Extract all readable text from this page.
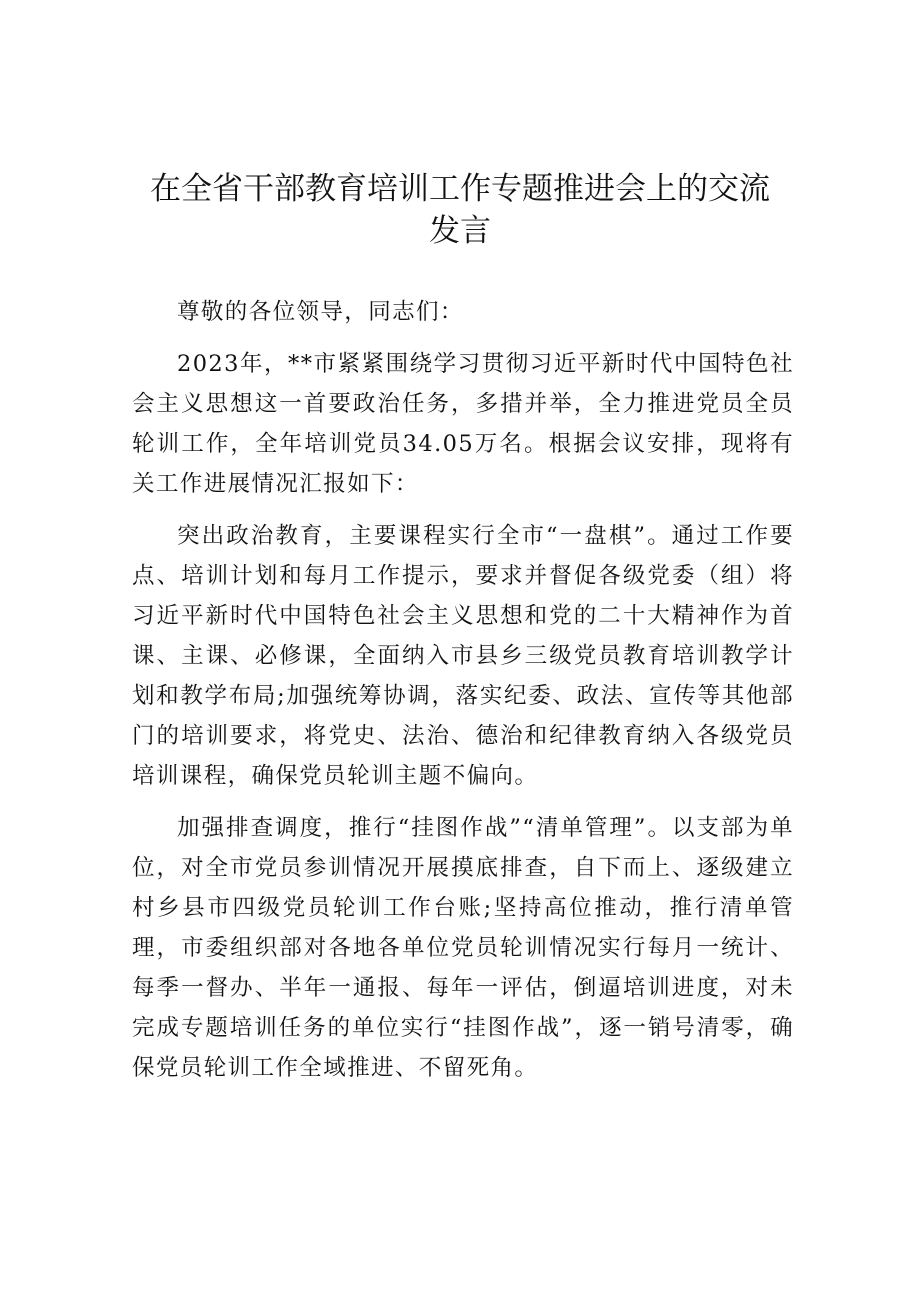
在全省干部教育培训工作专题推进会上的交流
发言

尊敬的各位领导，同志们：

2023年，**市紧紧围绕学习贯彻习近平新时代中国特色社会主义思想这一首要政治任务，多措并举，全力推进党员全员轮训工作，全年培训党员34.05万名。根据会议安排，现将有关工作进展情况汇报如下：

突出政治教育，主要课程实行全市“一盘棋”。通过工作要点、培训计划和每月工作提示，要求并督促各级党委（组）将习近平新时代中国特色社会主义思想和党的二十大精神作为首课、主课、必修课，全面纳入市县乡三级党员教育培训教学计划和教学布局;加强统筹协调，落实纪委、政法、宣传等其他部门的培训要求，将党史、法治、德治和纪律教育纳入各级党员培训课程，确保党员轮训主题不偏向。

加强排查调度，推行“挂图作战”“清单管理”。以支部为单位，对全市党员参训情况开展摸底排查，自下而上、逐级建立村乡县市四级党员轮训工作台账;坚持高位推动，推行清单管理，市委组织部对各地各单位党员轮训情况实行每月一统计、每季一督办、半年一通报、每年一评估，倒逼培训进度，对未完成专题培训任务的单位实行“挂图作战”，逐一销号清零，确保党员轮训工作全域推进、不留死角。
